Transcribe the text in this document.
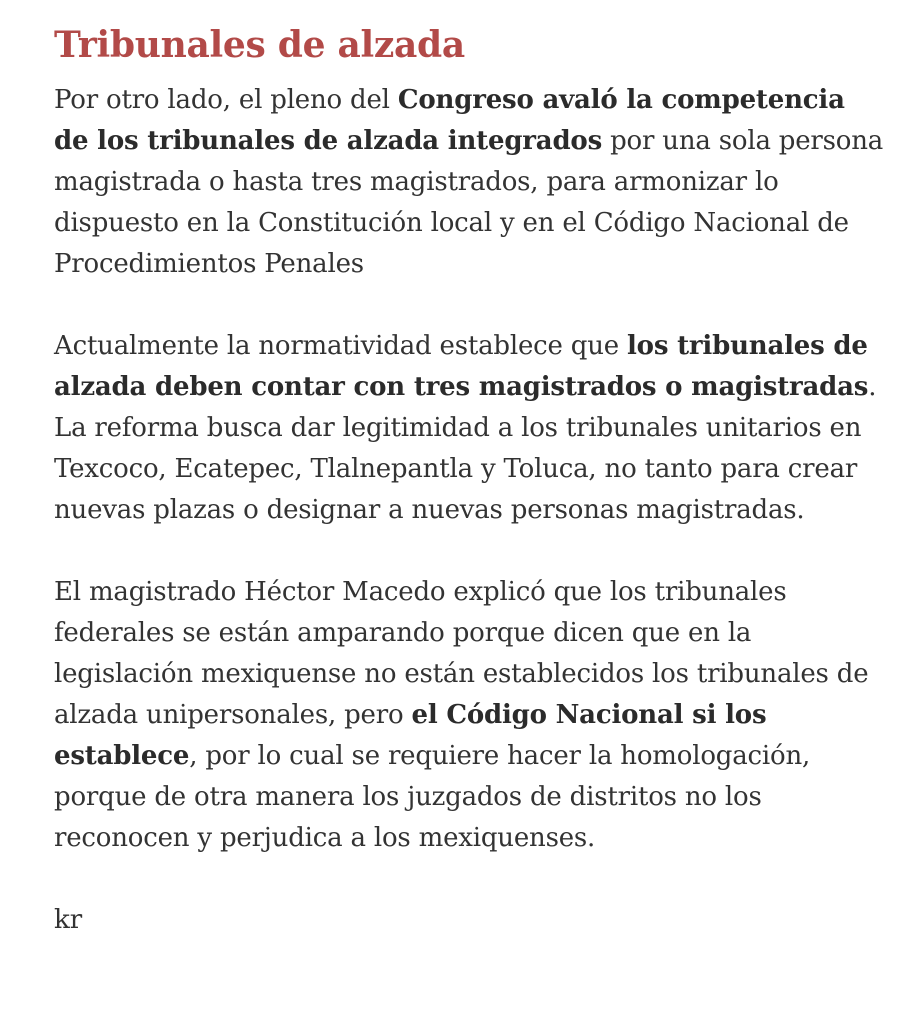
Tribunales de alzada

Por otro lado, el pleno del Congreso avaló la competencia de los tribunales de alzada integrados por una sola persona magistrada o hasta tres magistrados, para armonizar lo dispuesto en la Constitución local y en el Código Nacional de Procedimientos Penales

Actualmente la normatividad establece que los tribunales de alzada deben contar con tres magistrados o magistradas. La reforma busca dar legitimidad a los tribunales unitarios en Texcoco, Ecatepec, Tlalnepantla y Toluca, no tanto para crear nuevas plazas o designar a nuevas personas magistradas.

El magistrado Héctor Macedo explicó que los tribunales federales se están amparando porque dicen que en la legislación mexiquense no están establecidos los tribunales de alzada unipersonales, pero el Código Nacional si los establece, por lo cual se requiere hacer la homologación, porque de otra manera los juzgados de distritos no los reconocen y perjudica a los mexiquenses.

kr
